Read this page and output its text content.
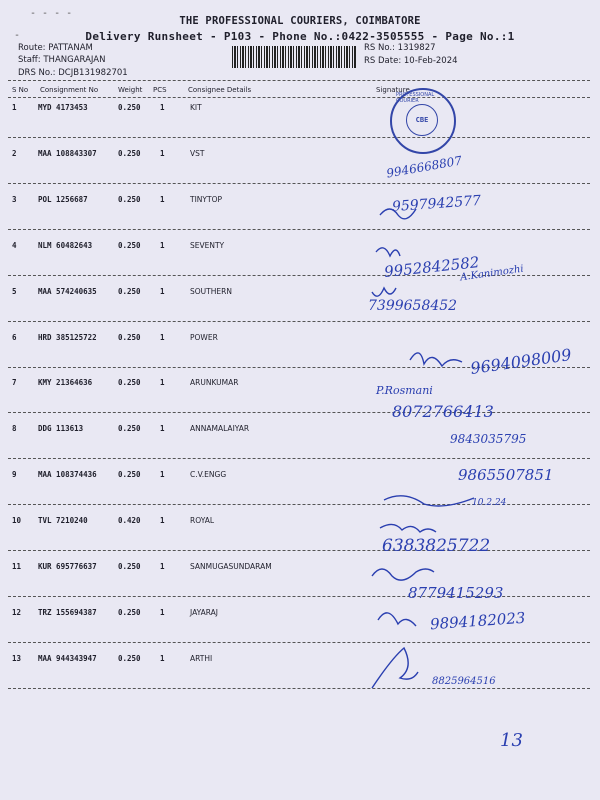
- - - -
-
THE PROFESSIONAL COURIERS, COIMBATORE
Delivery Runsheet - P103 - Phone No.:0422-3505555 - Page No.:1
Route: PATTANAM
Staff: THANGARAJAN
DRS No.: DCJB131982701
RS No.: 1319827
RS Date: 10-Feb-2024
S No Consignment No	Weight PCS	Consignee Details	Signature
1	MYD 4173453	0.250	1	KIT
2	MAA 108843307	0.250	1	VST
3	POL 1256687	0.250	1	TINYTOP
4	NLM 60482643	0.250	1	SEVENTY
5	MAA 574240635	0.250	1	SOUTHERN
6	HRD 385125722	0.250	1	POWER
7	KMY 21364636	0.250	1	ARUNKUMAR
8	DDG 113613	0.250	1	ANNAMALAIYAR
9	MAA 108374436	0.250	1	C.V.ENGG
10 TVL 7210240	0.420	1	ROYAL
11 KUR 695776637	0.250	1	SANMUGASUNDARAM
12 TRZ 155694387	0.250	1	JAYARAJ
13 MAA 944343947	0.250	1	ARTHI
PROFESSIONAL COURIER
CBE
9946668807
9597942577
9952842582
A.Kanimozhi
7399658452
9694098009
P.Rosmani
8072766413
9843035795
9865507851
10.2.24
6383825722
8779415293
9894182023
8825964516
13
